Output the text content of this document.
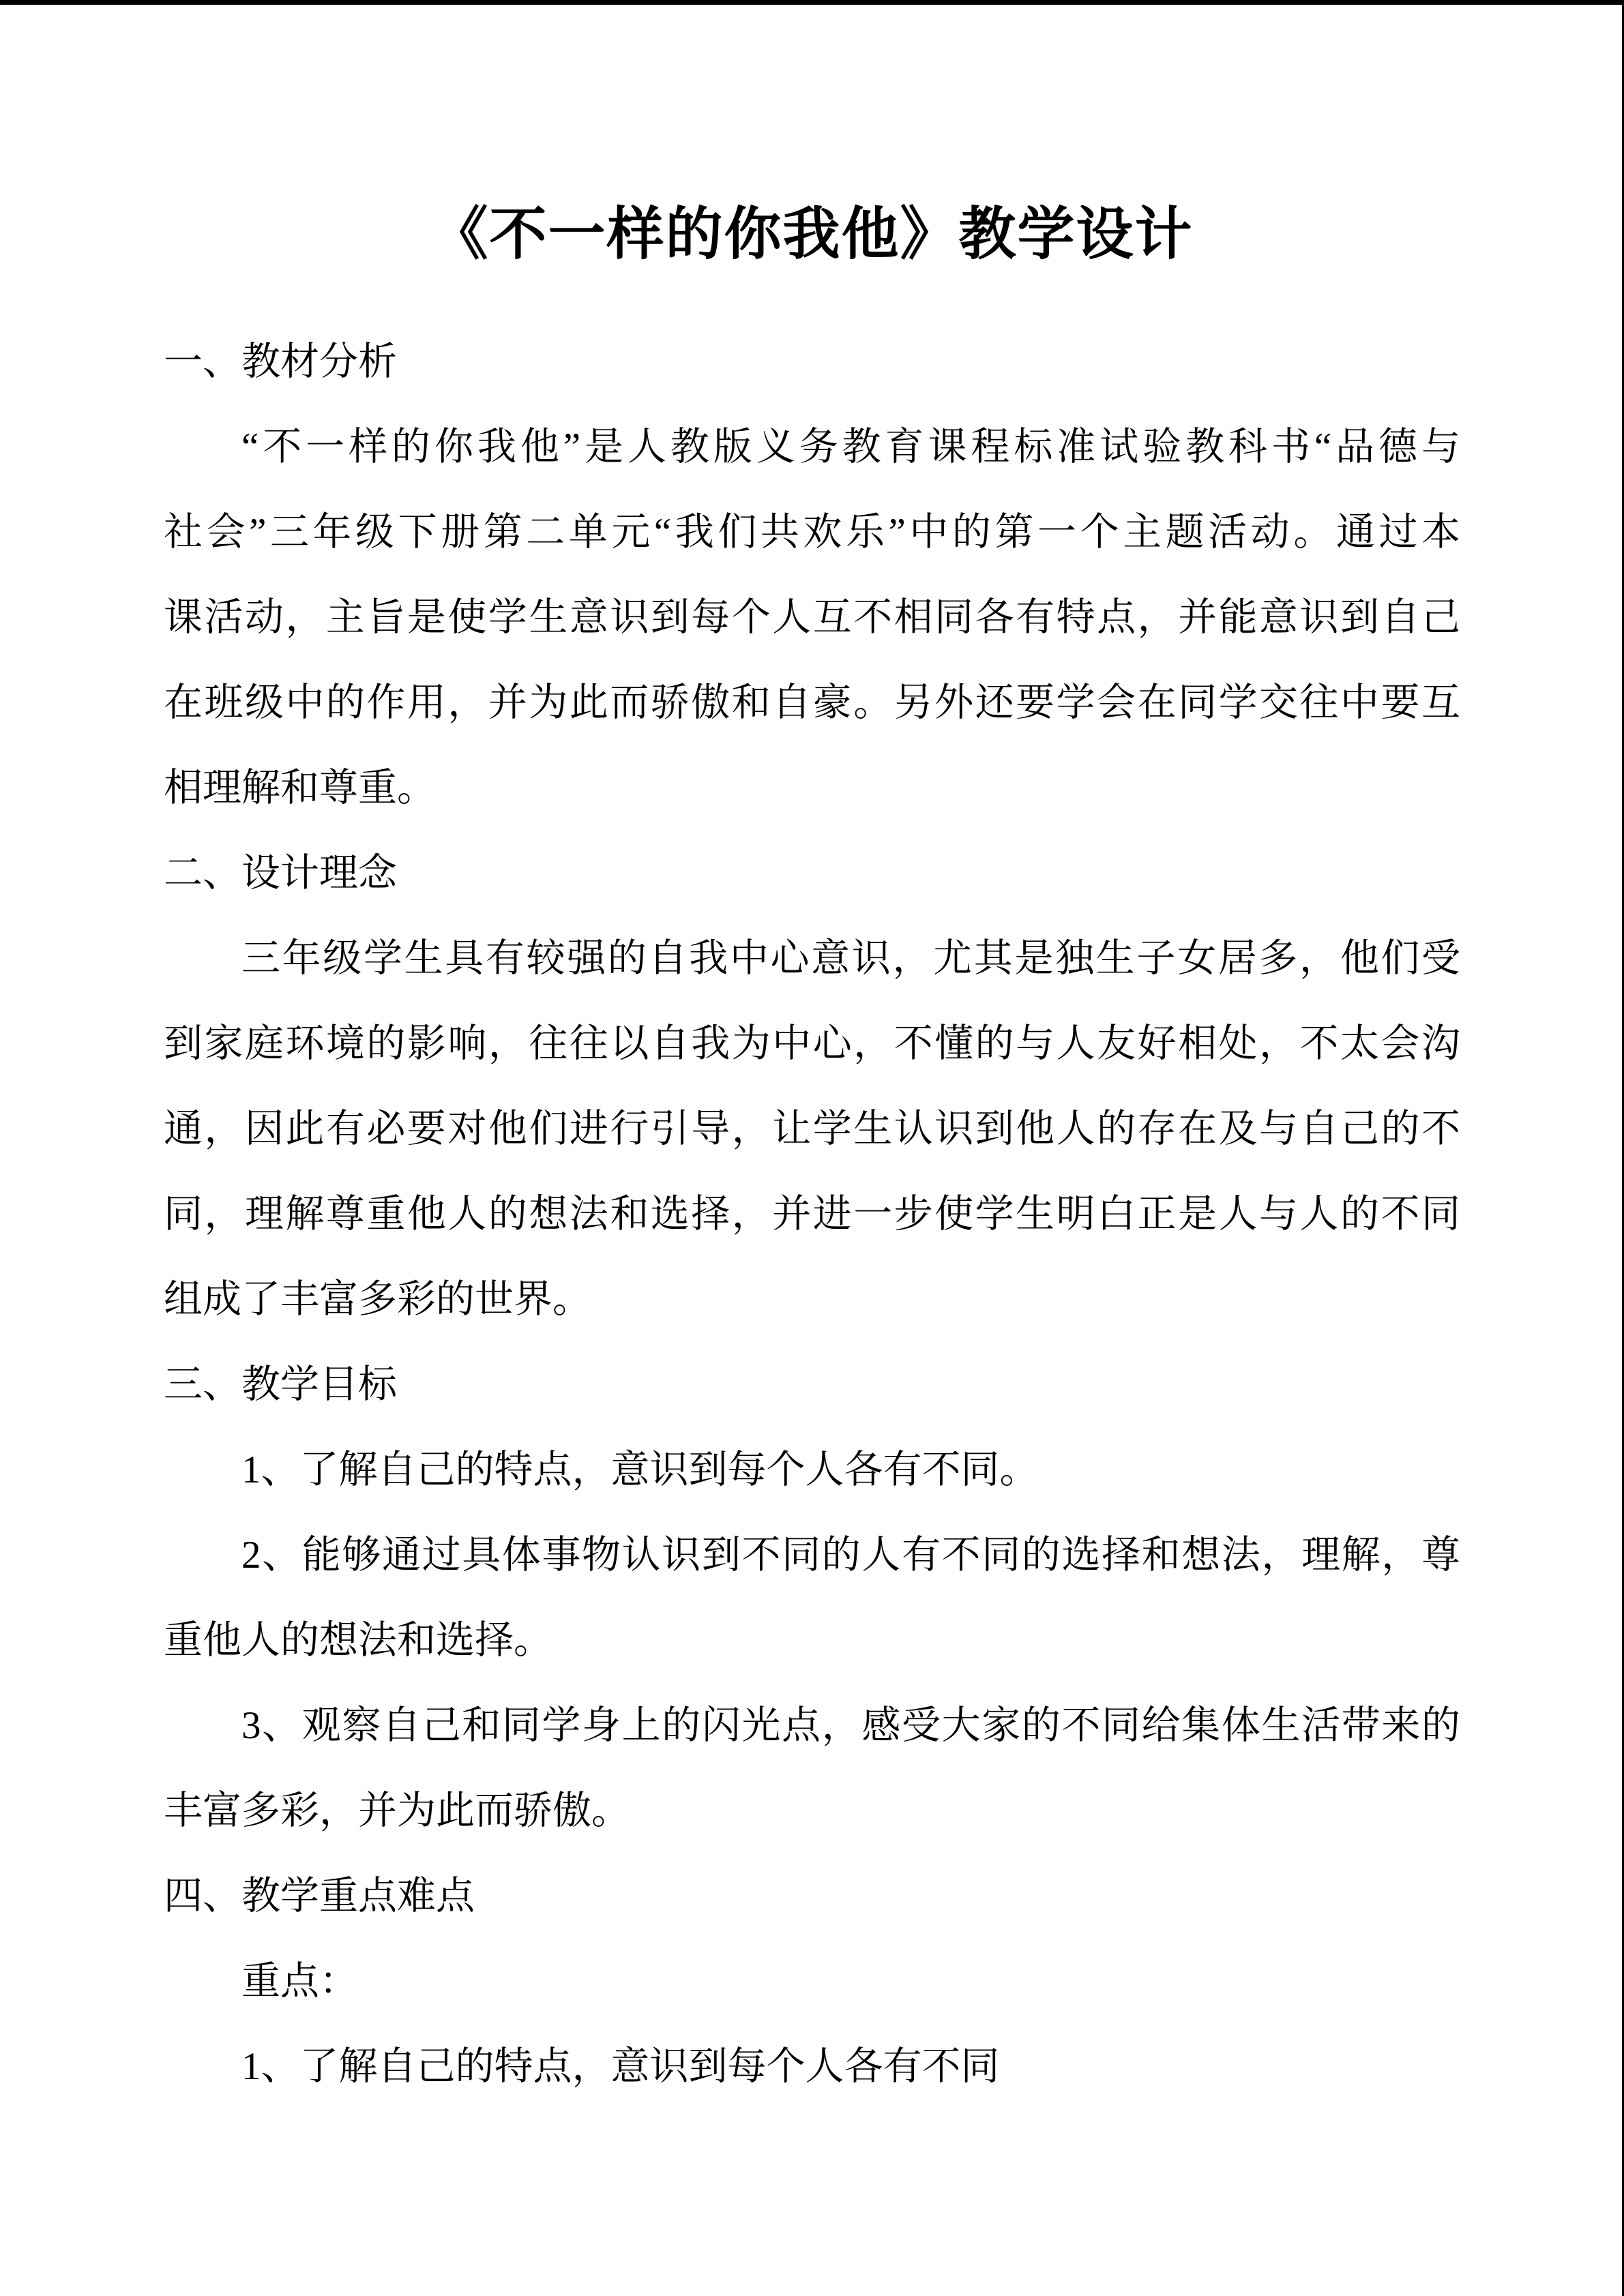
《不一样的你我他》教学设计
一、教材分析
“不一样的你我他”是人教版义务教育课程标准试验教科书“品德与
社会”三年级下册第二单元“我们共欢乐”中的第一个主题活动。通过本
课活动，主旨是使学生意识到每个人互不相同各有特点，并能意识到自己
在班级中的作用，并为此而骄傲和自豪。另外还要学会在同学交往中要互
相理解和尊重。
二、设计理念
三年级学生具有较强的自我中心意识，尤其是独生子女居多，他们受
到家庭环境的影响，往往以自我为中心，不懂的与人友好相处，不太会沟
通，因此有必要对他们进行引导，让学生认识到他人的存在及与自己的不
同，理解尊重他人的想法和选择，并进一步使学生明白正是人与人的不同
组成了丰富多彩的世界。
三、教学目标
1、了解自己的特点，意识到每个人各有不同。
2、能够通过具体事物认识到不同的人有不同的选择和想法，理解，尊
重他人的想法和选择。
3、观察自己和同学身上的闪光点，感受大家的不同给集体生活带来的
丰富多彩，并为此而骄傲。
四、教学重点难点
重点：
1、了解自己的特点，意识到每个人各有不同
